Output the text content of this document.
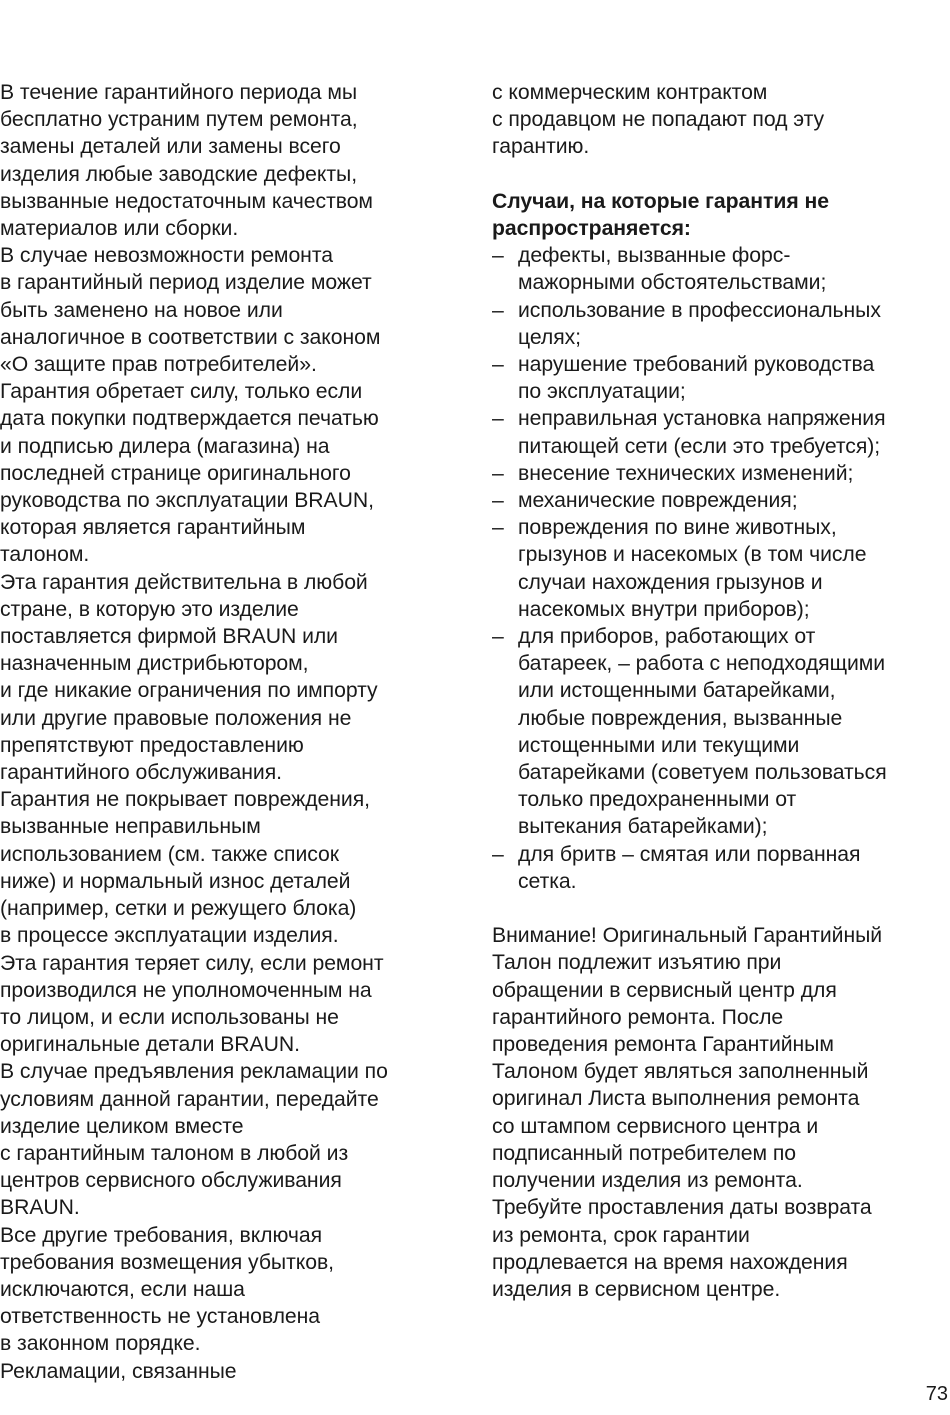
В течение гарантийного периода мы
бесплатно устраним путем ремонта,
замены деталей или замены всего
изделия любые заводские дефекты,
вызванные недостаточным качеством
материалов или сборки.
В случае невозможности ремонта
в гарантийный период изделие может
быть заменено на новое или
аналогичное в соответствии с законом
«О защите прав потребителей».
Гарантия обретает силу, только если
дата покупки подтверждается печатью
и подписью дилера (магазина) на
последней странице оригинального
руководства по эксплуатации BRAUN,
которая является гарантийным
талоном.
Эта гарантия действительна в любой
стране, в которую это изделие
поставляется фирмой BRAUN или
назначенным дистрибьютором,
и где никакие ограничения по импорту
или другие правовые положения не
препятствуют предоставлению
гарантийного обслуживания.
Гарантия не покрывает повреждения,
вызванные неправильным
использованием (см. также список
ниже) и нормальный износ деталей
(например, сетки и режущего блока)
в процессе эксплуатации изделия.
Эта гарантия теряет силу, если ремонт
производился не уполномоченным на
то лицом, и если использованы не
оригинальные детали BRAUN.
В случае предъявления рекламации по
условиям данной гарантии, передайте
изделие целиком вместе
с гарантийным талоном в любой из
центров сервисного обслуживания
BRAUN.
Все другие требования, включая
требования возмещения убытков,
исключаются, если наша
ответственность не установлена
в законном порядке.
Рекламации, связанные
с коммерческим контрактом
с продавцом не попадают под эту
гарантию.
Случаи, на которые гарантия не
распространяется:
– дефекты, вызванные форс-
мажорными обстоятельствами;
– использование в профессиональных
целях;
– нарушение требований руководства
по эксплуатации;
– неправильная установка напряжения
питающей сети (если это требуется);
– внесение технических изменений;
– механические повреждения;
– повреждения по вине животных,
грызунов и насекомых (в том числе
случаи нахождения грызунов и
насекомых внутри приборов);
– для приборов, работающих от
батареек, – работа с неподходящими
или истощенными батарейками,
любые повреждения, вызванные
истощенными или текущими
батарейками (советуем пользоваться
только предохраненными от
вытекания батарейками);
– для бритв – смятая или порванная
сетка.
Внимание! Оригинальный Гарантийный
Талон подлежит изъятию при
обращении в сервисный центр для
гарантийного ремонта. После
проведения ремонта Гарантийным
Талоном будет являться заполненный
оригинал Листа выполнения ремонта
со штампом сервисного центра и
подписанный потребителем по
получении изделия из ремонта.
Требуйте проставления даты возврата
из ремонта, срок гарантии
продлевается на время нахождения
изделия в сервисном центре.
73
